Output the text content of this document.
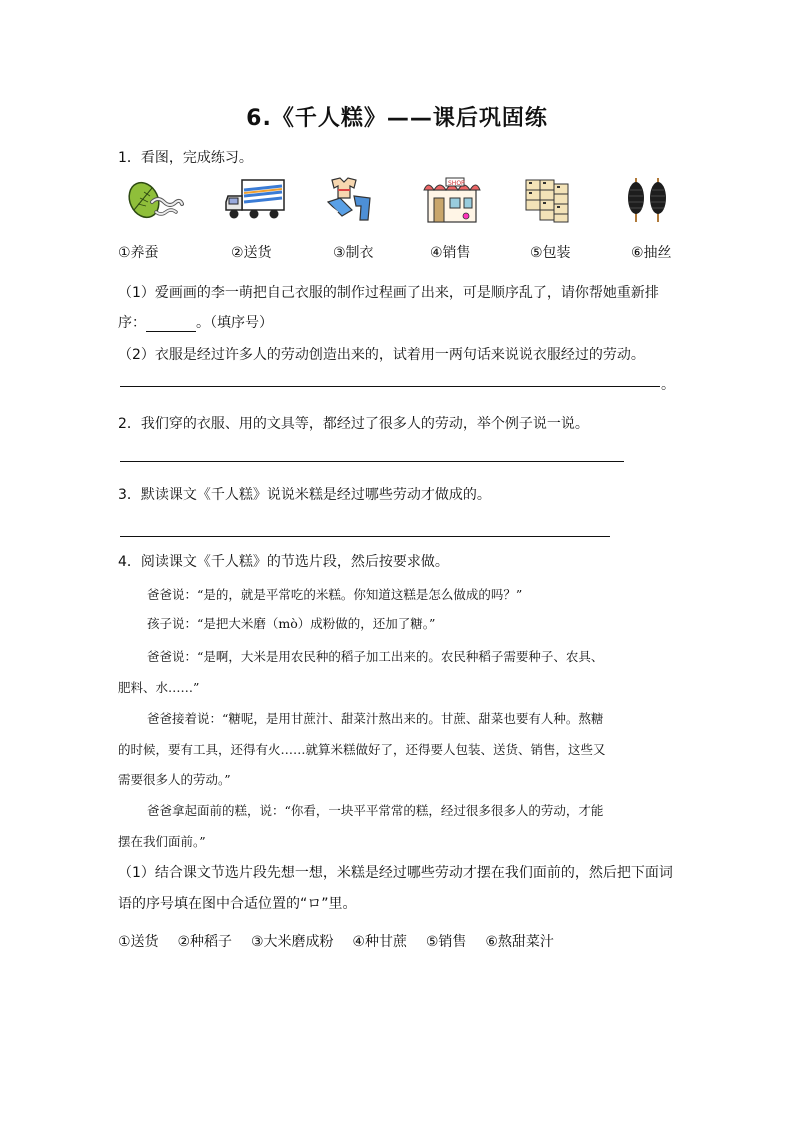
6.《千人糕》——课后巩固练
1．看图，完成练习。
SHOP
①养蚕	②送货	③制衣	④销售	⑤包装	⑥抽丝
（1）爱画画的李一萌把自己衣服的制作过程画了出来，可是顺序乱了，请你帮她重新排
序：	。（填序号）
（2）衣服是经过许多人的劳动创造出来的，试着用一两句话来说说衣服经过的劳动。
。
2．我们穿的衣服、用的文具等，都经过了很多人的劳动，举个例子说一说。
3．默读课文《千人糕》说说米糕是经过哪些劳动才做成的。
4．阅读课文《千人糕》的节选片段，然后按要求做。
爸爸说：“是的，就是平常吃的米糕。你知道这糕是怎么做成的吗？”
孩子说：“是把大米磨（mò）成粉做的，还加了糖。”
爸爸说：“是啊，大米是用农民种的稻子加工出来的。农民种稻子需要种子、农具、
肥料、水……”
爸爸接着说：“糖呢，是用甘蔗汁、甜菜汁熬出来的。甘蔗、甜菜也要有人种。熬糖
的时候，要有工具，还得有火……就算米糕做好了，还得要人包装、送货、销售，这些又
需要很多人的劳动。”
爸爸拿起面前的糕，说：“你看，一块平平常常的糕，经过很多很多人的劳动，才能
摆在我们面前。”
（1）结合课文节选片段先想一想，米糕是经过哪些劳动才摆在我们面前的，然后把下面词
语的序号填在图中合适位置的“ロ”里。
①送货 ②种稻子 ③大米磨成粉 ④种甘蔗 ⑤销售 ⑥熬甜菜汁
